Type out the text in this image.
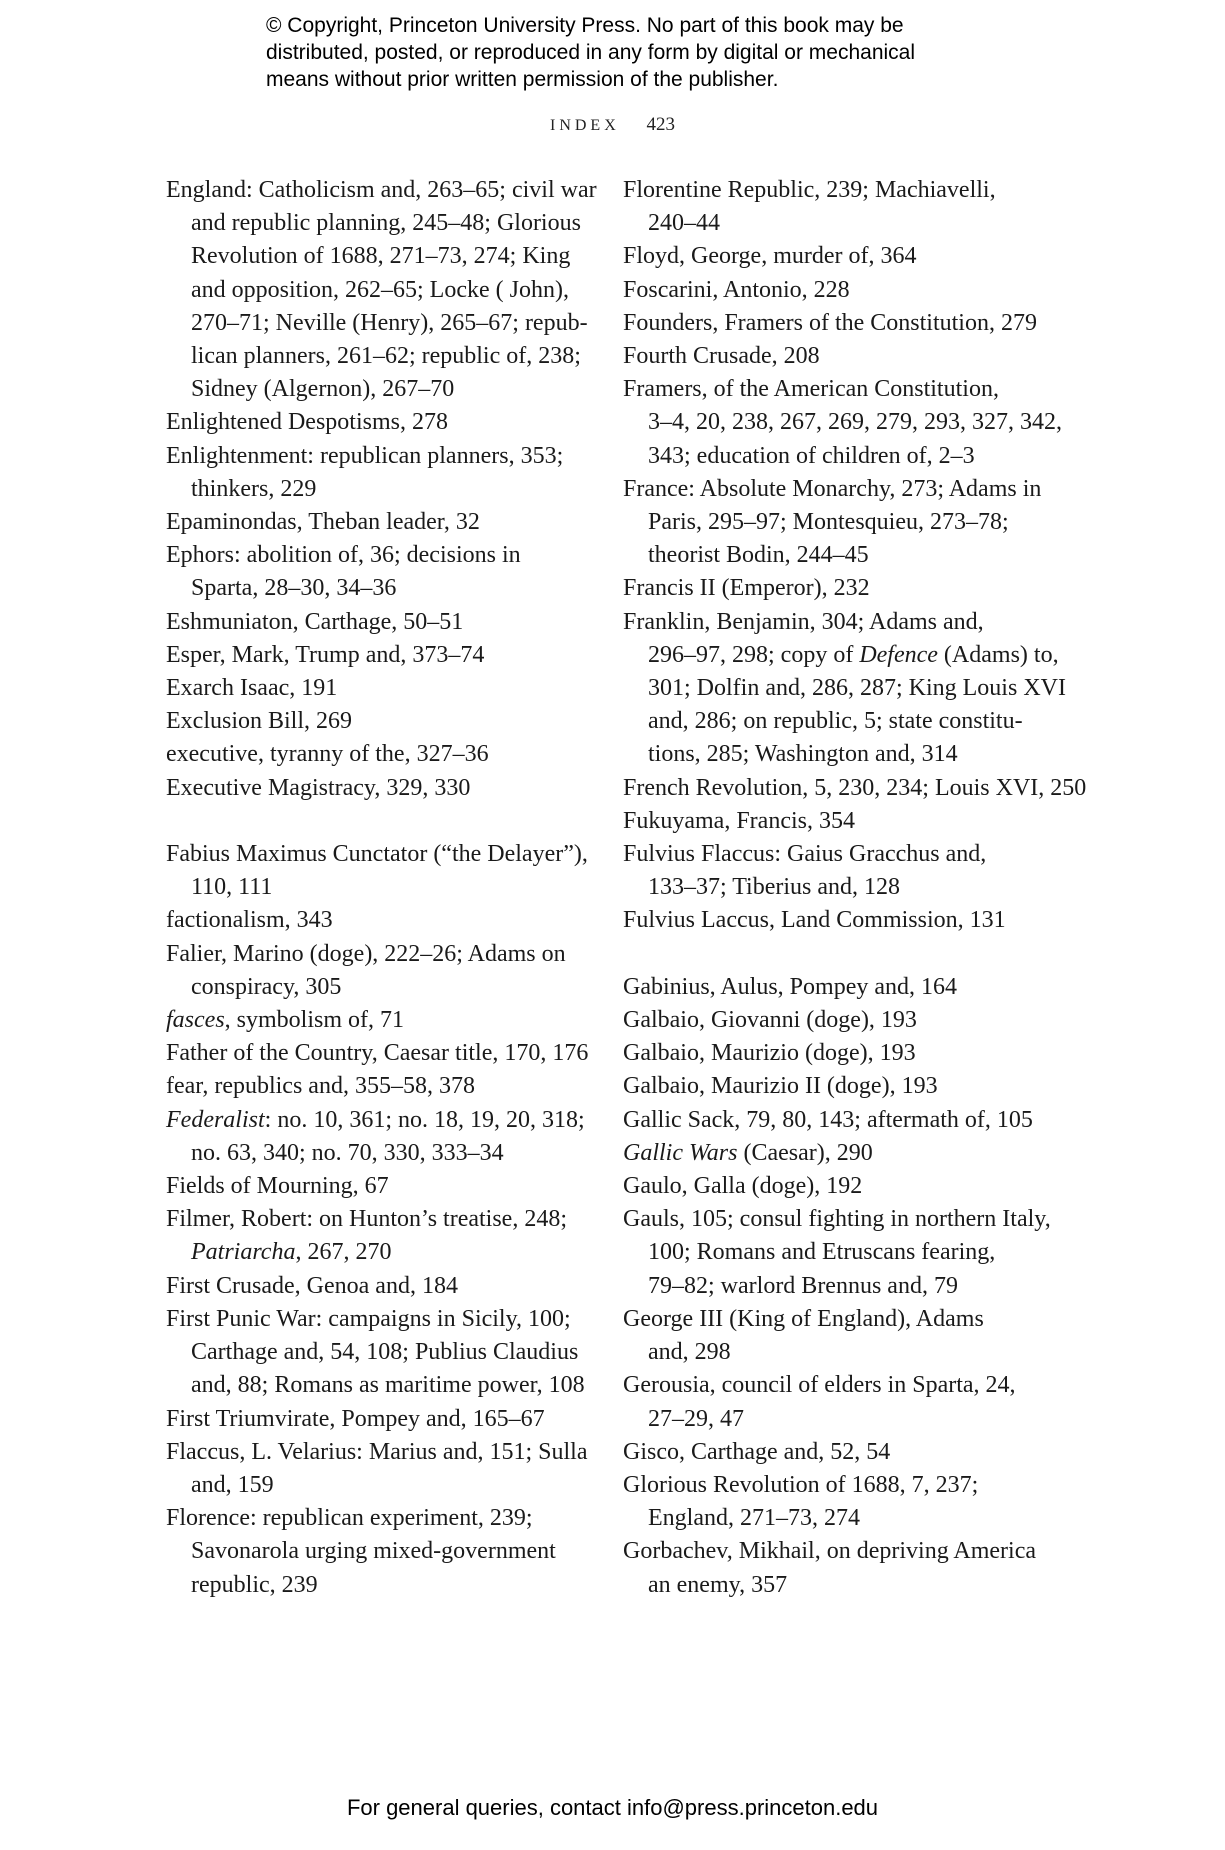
© Copyright, Princeton University Press. No part of this book may be
distributed, posted, or reproduced in any form by digital or mechanical
means without prior written permission of the publisher.
INDEX 423
England: Catholicism and, 263–65; civil war
and republic planning, 245–48; Glorious
Revolution of 1688, 271–73, 274; King
and opposition, 262–65; Locke ( John),
270–71; Neville (Henry), 265–67; repub-
lican planners, 261–62; republic of, 238;
Sidney (Algernon), 267–70
Enlightened Despotisms, 278
Enlightenment: republican planners, 353;
thinkers, 229
Epaminondas, Theban leader, 32
Ephors: abolition of, 36; decisions in
Sparta, 28–30, 34–36
Eshmuniaton, Carthage, 50–51
Esper, Mark, Trump and, 373–74
Exarch Isaac, 191
Exclusion Bill, 269
executive, tyranny of the, 327–36
Executive Magistracy, 329, 330
Fabius Maximus Cunctator (“the Delayer”),
110, 111
factionalism, 343
Falier, Marino (doge), 222–26; Adams on
conspiracy, 305
fasces, symbolism of, 71
Father of the Country, Caesar title, 170, 176
fear, republics and, 355–58, 378
Federalist: no. 10, 361; no. 18, 19, 20, 318;
no. 63, 340; no. 70, 330, 333–34
Fields of Mourning, 67
Filmer, Robert: on Hunton’s treatise, 248;
Patriarcha, 267, 270
First Crusade, Genoa and, 184
First Punic War: campaigns in Sicily, 100;
Carthage and, 54, 108; Publius Claudius
and, 88; Romans as maritime power, 108
First Triumvirate, Pompey and, 165–67
Flaccus, L. Velarius: Marius and, 151; Sulla
and, 159
Florence: republican experiment, 239;
Savonarola urging mixed-government
republic, 239
Florentine Republic, 239; Machiavelli,
240–44
Floyd, George, murder of, 364
Foscarini, Antonio, 228
Founders, Framers of the Constitution, 279
Fourth Crusade, 208
Framers, of the American Constitution,
3–4, 20, 238, 267, 269, 279, 293, 327, 342,
343; education of children of, 2–3
France: Absolute Monarchy, 273; Adams in
Paris, 295–97; Montesquieu, 273–78;
theorist Bodin, 244–45
Francis II (Emperor), 232
Franklin, Benjamin, 304; Adams and,
296–97, 298; copy of Defence (Adams) to,
301; Dolfin and, 286, 287; King Louis XVI
and, 286; on republic, 5; state constitu-
tions, 285; Washington and, 314
French Revolution, 5, 230, 234; Louis XVI, 250
Fukuyama, Francis, 354
Fulvius Flaccus: Gaius Gracchus and,
133–37; Tiberius and, 128
Fulvius Laccus, Land Commission, 131
Gabinius, Aulus, Pompey and, 164
Galbaio, Giovanni (doge), 193
Galbaio, Maurizio (doge), 193
Galbaio, Maurizio II (doge), 193
Gallic Sack, 79, 80, 143; aftermath of, 105
Gallic Wars (Caesar), 290
Gaulo, Galla (doge), 192
Gauls, 105; consul fighting in northern Italy,
100; Romans and Etruscans fearing,
79–82; warlord Brennus and, 79
George III (King of England), Adams
and, 298
Gerousia, council of elders in Sparta, 24,
27–29, 47
Gisco, Carthage and, 52, 54
Glorious Revolution of 1688, 7, 237;
England, 271–73, 274
Gorbachev, Mikhail, on depriving America
an enemy, 357
For general queries, contact info@press.princeton.edu
